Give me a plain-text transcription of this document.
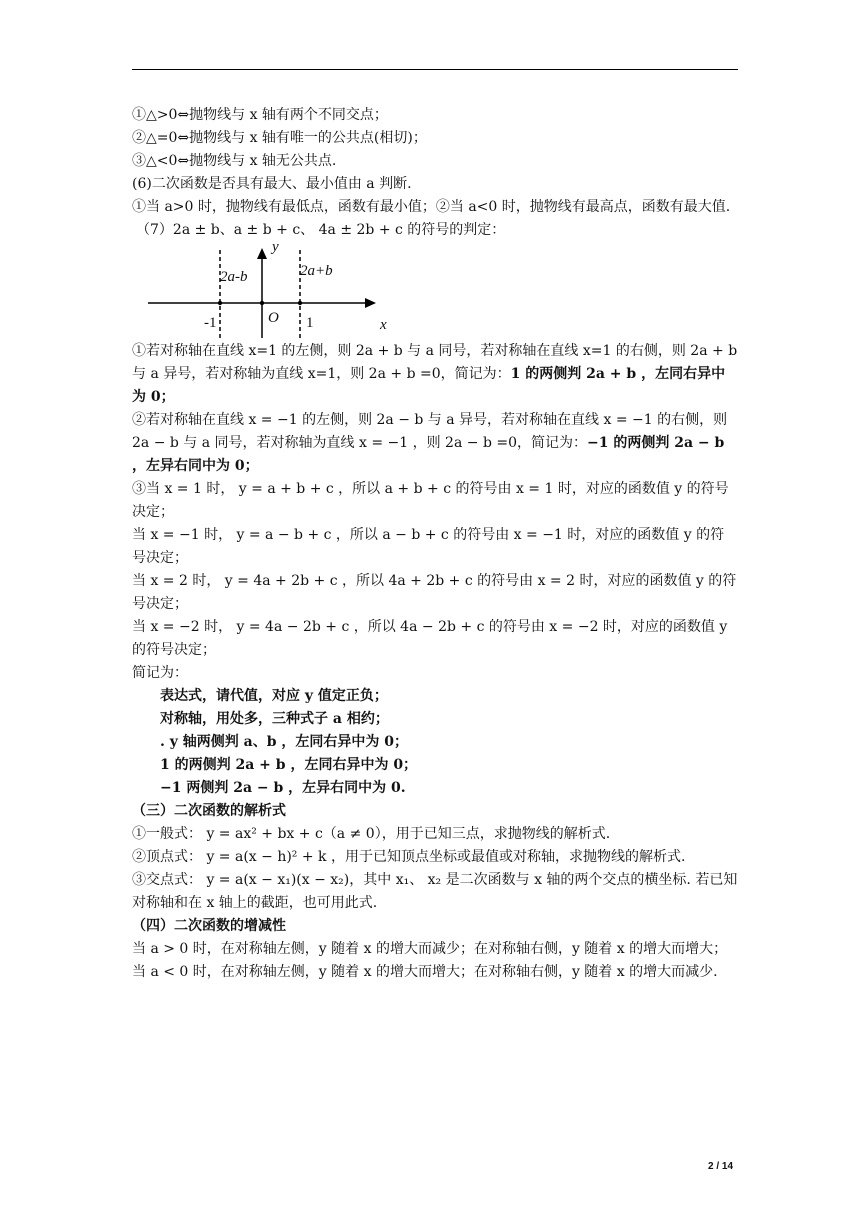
①△>0⇔抛物线与 x 轴有两个不同交点；

②△=0⇔抛物线与 x 轴有唯一的公共点(相切)；

③△<0⇔抛物线与 x 轴无公共点.

(6)二次函数是否具有最大、最小值由 a 判断.

①当 a>0 时，抛物线有最低点，函数有最小值；②当 a<0 时，抛物线有最高点，函数有最大值.

（7）2a ± b、a ± b + c、 4a ± 2b + c 的符号的判定：

y
2a-b	2a+b
-1	O 1	x

①若对称轴在直线 x=1 的左侧，则 2a + b 与 a 同号，若对称轴在直线 x=1 的右侧，则 2a + b 与 a 异号，若对称轴为直线 x=1，则 2a + b =0，简记为：1 的两侧判 2a + b ，左同右异中为 0；

②若对称轴在直线 x = −1 的左侧，则 2a − b 与 a 异号，若对称轴在直线 x = −1 的右侧，则 2a − b 与 a 同号，若对称轴为直线 x = −1 ，则 2a − b =0，简记为：−1 的两侧判 2a − b ，左异右同中为 0；

③当 x = 1 时， y = a + b + c ，所以 a + b + c 的符号由 x = 1 时，对应的函数值 y 的符号决定；

当 x = −1 时， y = a − b + c ，所以 a − b + c 的符号由 x = −1 时，对应的函数值 y 的符号决定；

当 x = 2 时， y = 4a + 2b + c ，所以 4a + 2b + c 的符号由 x = 2 时，对应的函数值 y 的符号决定；

当 x = −2 时， y = 4a − 2b + c ，所以 4a − 2b + c 的符号由 x = −2 时，对应的函数值 y 的符号决定；

简记为：

表达式，请代值，对应 y 值定正负；

对称轴，用处多，三种式子 a 相约；

. y 轴两侧判 a、b ，左同右异中为 0；

1 的两侧判 2a + b ，左同右异中为 0；

−1 两侧判 2a − b ，左异右同中为 0.

（三）二次函数的解析式

①一般式： y = ax² + bx + c（a ≠ 0），用于已知三点，求抛物线的解析式.

②顶点式： y = a(x − h)² + k ，用于已知顶点坐标或最值或对称轴，求抛物线的解析式.

③交点式： y = a(x − x₁)(x − x₂)，其中 x₁、 x₂ 是二次函数与 x 轴的两个交点的横坐标. 若已知对称轴和在 x 轴上的截距，也可用此式.

（四）二次函数的增减性

当 a > 0 时，在对称轴左侧，y 随着 x 的增大而减少；在对称轴右侧，y 随着 x 的增大而增大；当 a < 0 时，在对称轴左侧，y 随着 x 的增大而增大；在对称轴右侧，y 随着 x 的增大而减少.

2 / 14
